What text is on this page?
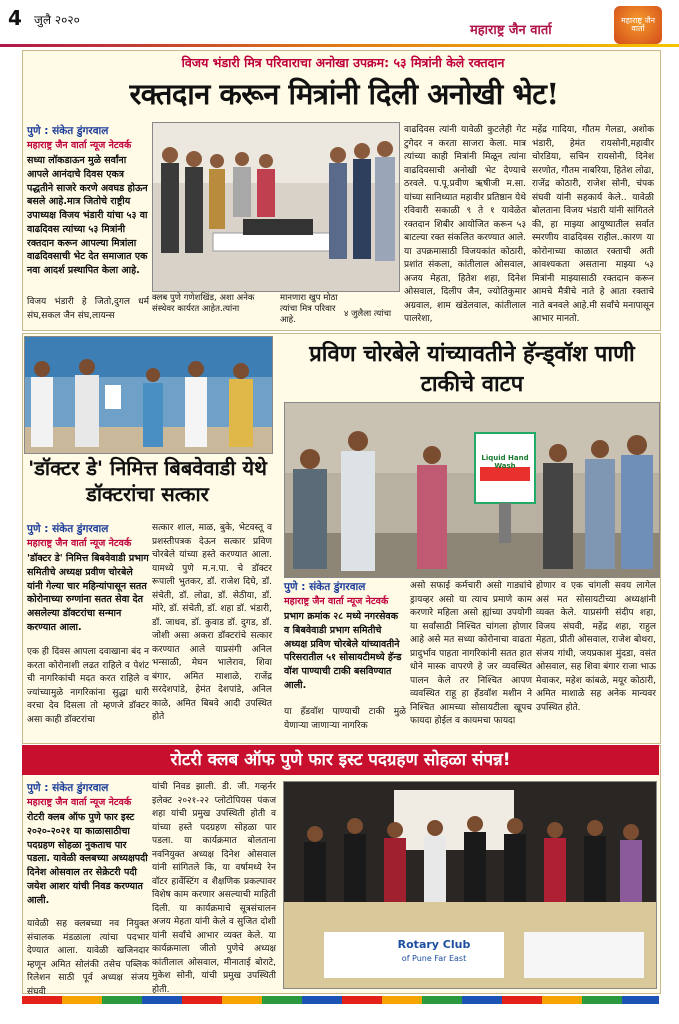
4 जुलै २०२०
महाराष्ट्र जैन वार्ता
महाराष्ट्र जैन वार्ता
विजय भंडारी मित्र परिवाराचा अनोखा उपक्रम: ५३ मित्रांनी केले रक्तदान
रक्तदान करून मित्रांनी दिली अनोखी भेट!
पुणे : संकेत डुंगरवाल
महाराष्ट्र जैन वार्ता न्यूज नेटवर्क
सध्या लॉकडाऊन मुळे सर्वांना आपले आनंदाचे दिवस एकत्र पद्धतीने साजरे करणे अवघड होऊन बसले आहे.मात्र जितोचे राष्ट्रीय उपाध्यक्ष विजय भंडारी यांचा ५३ वा वाढदिवस त्यांच्या ५३ मित्रांनी रक्तदान करून आपल्या मित्रांला वाढदिवसाची भेट देत समाजात एक नवा आदर्श प्रस्थापित केला आहे.
विजय भंडारी हे जितो,दुगल धर्म संघ,सकल जैन संघ,लायन्स
क्लब पुणे गणेशखिंड, अशा अनेक संस्थेवर कार्यरत आहेत.त्यांना
मानणारा खुप मोठा त्यांचा मित्र परिवार आहे.
४ जुलैला त्यांचा
वाढदिवस त्यांनी यावेळी कुटलेही गेट टुगेदर न करता साजरा केला. मात्र त्यांच्या काही मित्रांनी मिळून त्यांना वाढदिवसाची अनोखी भेट देण्याचे ठरवले. प.पू.प्रवीण ऋषीजी म.सा. यांच्या सानिध्यात महावीर प्रतिष्ठान येथे रविवारी सकाळी ९ ते १ यावेळेत रक्तदान शिबीर आयोजित करून ५३ बाटल्या रक्त संकलित करण्यात आले. या उपक्रमासाठी विजयकांत कोठारी, प्रशांत संकला, कांतीलाल ओसवाल, अजय मेहता, हितेश शहा, दिनेश ओसवाल, दिलीप जैन, ज्योतिकुमार अग्रवाल, शाम खंडेलवाल, कांतीलाल पालरेशा,
महेंद्र गादिया, गौतम गेलडा, अशोक भंडारी, हेमंत रायसोनी,महावीर चोरडिया, सचिन रायसोनी, दिनेश सरणोत, गौतम नाबरिया, हितेश लोढा, राजेंद्र कोठारी, राजेश सोनी, चंपक संघवी यांनी सहकार्य केले.. यावेळी बोलताना विजय भंडारी यांनी सांगितले की, हा माझ्या आयुष्यातील सर्वात स्मरणीय वाढदिवस राहील..कारण या कोरोनाच्या काळात रक्ताची अती आवश्यकता असताना माझ्या ५३ मित्रांनी माझ्यासाठी रक्तदान करून आमचे मैत्रीचे नाते हे आता रक्ताचे नाते बनवले आहे.मी सर्वांचे मनापासून आभार मानतो.
'डॉक्टर डे' निमित्त बिबवेवाडी येथे डॉक्टरांचा सत्कार
पुणे : संकेत डुंगरवाल
महाराष्ट्र जैन वार्ता न्यूज नेटवर्क
'डॉक्टर डे' निमित्त बिबवेवाडी प्रभाग समितीचे अध्यक्ष प्रवीण चोरबेले यांनी गेल्या चार महिन्यांपासून सतत कोरोनाच्या रुग्णांना सतत सेवा देत असलेल्या डॉक्टरांचा सन्मान करण्यात आला.
एक ही दिवस आपला दवाखाना बंद न करता कोरोनाशी लढत राहिले व पेशंट ची नागरिकांची मदत करत राहिले व ज्यांच्यामुळे नागरिकांना सुद्धा धारी वरचा देव दिसला तो म्हणजे डॉक्टर असा काही डॉक्टरांचा
सत्कार शाल, माळ, बुके, भेटवस्तू व प्रशस्तीपत्रक देऊन सत्कार प्रविण चोरबेले यांच्या हस्ते करण्यात आला. यामध्ये पुणे म.न.पा. चे डॉक्टर रूपाली भुतकर, डॉ. राजेश दिघे, डॉ. संचेती, डॉ. लोढा, डॉ. सेठीया, डॉ. मोरे, डॉ. संचेती, डॉ. शहा डॉ. भंडारी, डॉ. जाधव, डॉ. कुवाड डॉ. दुगड, डॉ. जोशी असा अकरा डॉक्टरांचे सत्कार करण्यात आले याप्रसंगी अनिल भन्साळी, मेघन भालेराव, शिवा बंगार, अमित माशाळे, राजेंद्र सरदेशपांडे, हेमंत देशपांडे, अनिल काळे, अमित बिबवे आदी उपस्थित होते
प्रविण चोरबेले यांच्यावतीने हॅन्ड्वॉश पाणी टाकीचे वाटप
Liquid Hand Wash
पुणे : संकेत डुंगरवाल
महाराष्ट्र जैन वार्ता न्यूज नेटवर्क
प्रभाग क्रमांक २८ मध्ये नगरसेवक व बिबवेवाडी प्रभाग समितीचे अध्यक्ष प्रविण चोरबेले यांच्यावतीने परिसरातील ५१ सोसायटीमध्ये हॅन्ड वॉश पाण्याची टाकी बसविण्यात आली.
या हँडवॉश पाण्याची टाकी मुळे येणाऱ्या जाणाऱ्या नागरिक
असो सफाई कर्मचारी असो गाड्यांचे ड्रायव्हर असो या त्याच प्रमाणे काम करणारे महिला असो ह्यांच्या उपयोगी या सर्वांसाठी निश्चित चांगला होणार आहे असे मत सध्या कोरोनाचा वाढता प्रादुर्भाव पाहता नागरिकांनी सतत हात धोने मास्क वापरणे हे जर व्यवस्थित पालन केले तर निश्चित आपण व्यवस्थित राहू हा हँडवॉश मशीन ने निश्चित आमच्या सोसायटीला खूपच फायदा होईल व कायमचा फायदा
होणार व एक चांगली सवय लागेल असं मत सोसायटीच्या अध्यक्षांनी व्यक्त केले. याप्रसंगी संदीप शहा, विजय संघवी, महेंद्र शहा, राहुल मेहता, प्रीती ओसवाल, राजेश बोथरा, संजय गांधी, जयप्रकाश मुंदडा, वसंत ओसवाल, सह शिवा बंगार राजा भाऊ मेवाकर, महेश कांबळे, मयूर कोठारी, अमित माशाळे सह अनेक मान्यवर उपस्थित होते.
रोटरी क्लब ऑफ पुणे फार इस्ट पदग्रहण सोहळा संपन्न!
पुणे : संकेत डुंगरवाल
महाराष्ट्र जैन वार्ता न्यूज नेटवर्क
रोटरी क्लब ऑफ पुणे फार इस्ट २०२०-२०२१ या काळासाठीचा पदग्रहण सोहळा नुकताच पार पडला. यावेळी क्लबच्या अध्यक्षपदी दिनेश ओसवाल तर सेक्रेटरी पदी जयेश आशर यांची निवड करण्यात आली.
यावेळी सह क्लबच्या नव नियुक्त संचालक मंडळाला त्यांचा पदभार देण्यात आला. यावेळी खजिनदार म्हणून अमित सोलंकी तसेच पब्लिक रिलेशन साठी पूर्व अध्यक्ष संजय संघवी
यांची निवड झाली. डी. जी. गव्हर्नर इलेक्ट २०२१-२२ प्लोटोपियस पंकज शहा यांची प्रमुख उपस्थिती होती व यांच्या हस्ते पदग्रहण सोहळा पार पडला. या कार्यक्रमात बोलताना नवनियुक्त अध्यक्ष दिनेश ओसवाल यांनी सांगितले कि, या वर्षामध्ये रेन वॉटर हार्वेस्टिंग व शैक्षणिक प्रकल्पावर विशेष काम करणार असल्याची माहिती दिली. या कार्यक्रमाचे सूत्रसंचालन अजय मेहता यांनी केले व सुजित दोशी यांनी सर्वांचे आभार व्यक्त केले. या कार्यक्रमाला जीतो पुणेचे अध्यक्ष कांतीलाल ओसवाल, मीनाताई बोराटे, मुकेश सोनी, यांची प्रमुख उपस्थिती होती.
Rotary Club
of Pune Far East
